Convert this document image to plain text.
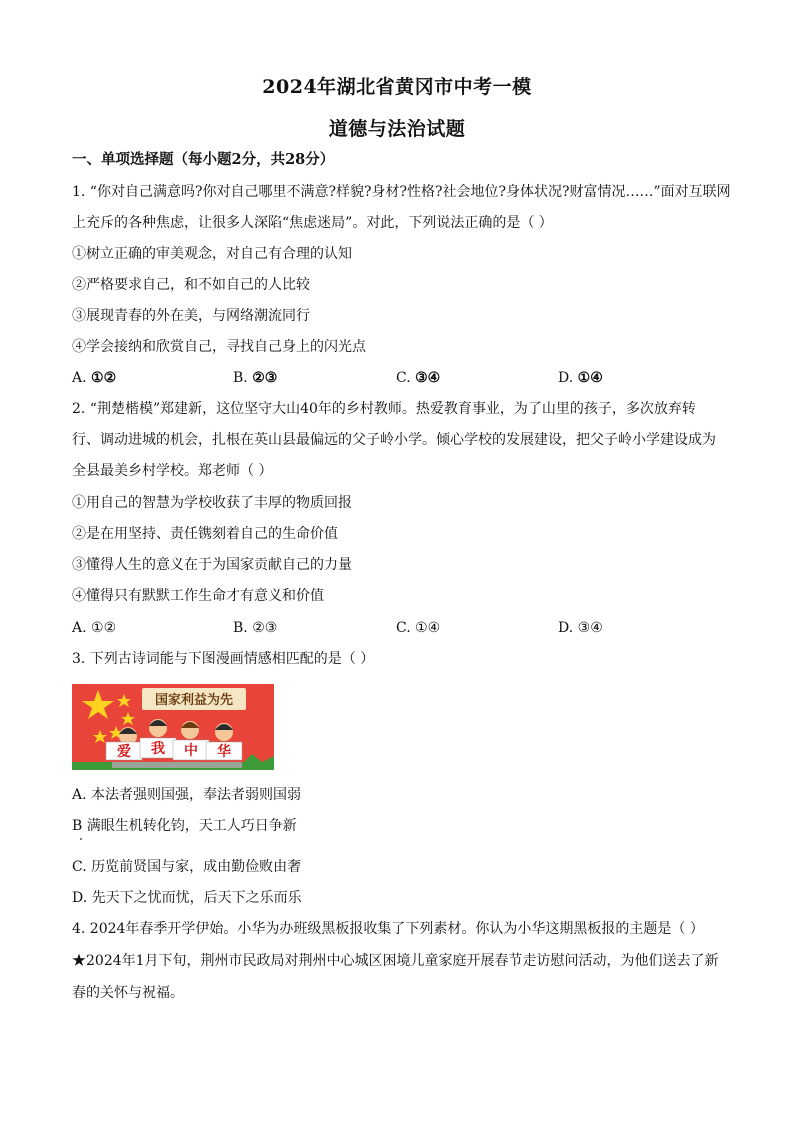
2024年湖北省黄冈市中考一模
道德与法治试题
一、单项选择题（每小题2分，共28分）
1. “你对自己满意吗?你对自己哪里不满意?样貌?身材?性格?社会地位?身体状况?财富情况……”面对互联网
上充斥的各种焦虑，让很多人深陷“焦虑迷局”。对此，下列说法正确的是（ ）
①树立正确的审美观念，对自己有合理的认知
②严格要求自己，和不如自己的人比较
③展现青春的外在美，与网络潮流同行
④学会接纳和欣赏自己，寻找自己身上的闪光点
A. ①②	B. ②③	C. ③④	D. ①④
2. “荆楚楷模”郑建新，这位坚守大山40年的乡村教师。热爱教育事业，为了山里的孩子，多次放弃转
行、调动进城的机会，扎根在英山县最偏远的父子岭小学。倾心学校的发展建设，把父子岭小学建设成为
全县最美乡村学校。郑老师（ ）
①用自己的智慧为学校收获了丰厚的物质回报
②是在用坚持、责任镌刻着自己的生命价值
③懂得人生的意义在于为国家贡献自己的力量
④懂得只有默默工作生命才有意义和价值
A. ①②	B. ②③	C. ①④	D. ③④
3. 下列古诗词能与下图漫画情感相匹配的是（ ）
国家利益为先
爱 我 中 华
A. 本法者强则国强，奉法者弱则国弱
B 满眼生机转化钧，天工人巧日争新
C. 历览前贤国与家，成由勤俭败由奢
D. 先天下之忧而忧，后天下之乐而乐
4. 2024年春季开学伊始。小华为办班级黑板报收集了下列素材。你认为小华这期黑板报的主题是（ ）
★2024年1月下旬，荆州市民政局对荆州中心城区困境儿童家庭开展春节走访慰问活动，为他们送去了新
春的关怀与祝福。
